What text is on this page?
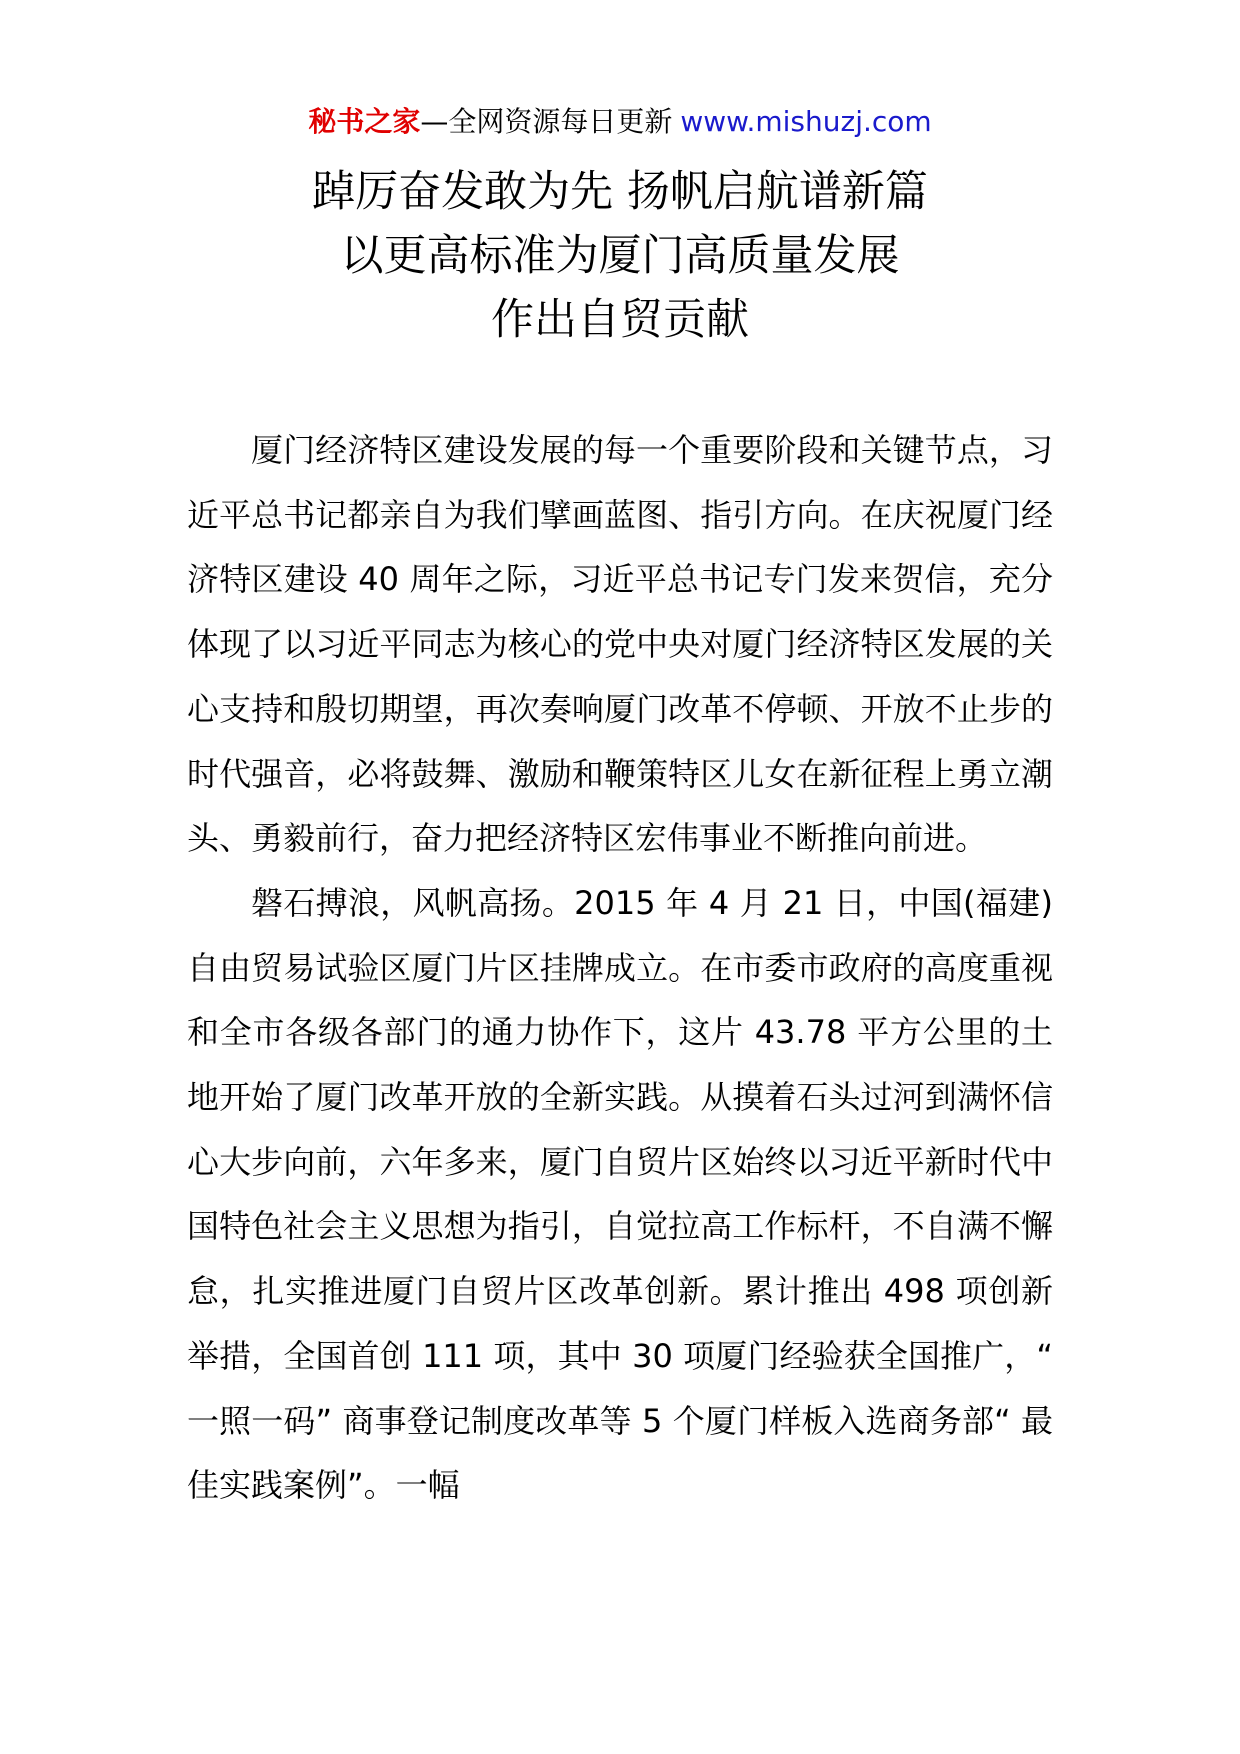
秘书之家—全网资源每日更新 www.mishuzj.com
踔厉奋发敢为先 扬帆启航谱新篇
以更高标准为厦门高质量发展
作出自贸贡献

厦门经济特区建设发展的每一个重要阶段和关键节点，习近平总书记都亲自为我们擘画蓝图、指引方向。在庆祝厦门经济特区建设 40 周年之际，习近平总书记专门发来贺信，充分体现了以习近平同志为核心的党中央对厦门经济特区发展的关心支持和殷切期望，再次奏响厦门改革不停顿、开放不止步的时代强音，必将鼓舞、激励和鞭策特区儿女在新征程上勇立潮头、勇毅前行，奋力把经济特区宏伟事业不断推向前进。

磐石搏浪，风帆高扬。2015 年 4 月 21 日，中国(福建)自由贸易试验区厦门片区挂牌成立。在市委市政府的高度重视和全市各级各部门的通力协作下，这片 43.78 平方公里的土地开始了厦门改革开放的全新实践。从摸着石头过河到满怀信心大步向前，六年多来，厦门自贸片区始终以习近平新时代中国特色社会主义思想为指引，自觉拉高工作标杆，不自满不懈怠，扎实推进厦门自贸片区改革创新。累计推出 498 项创新举措，全国首创 111 项，其中 30 项厦门经验获全国推广，“ 一照一码” 商事登记制度改革等 5 个厦门样板入选商务部“ 最佳实践案例”。一幅
